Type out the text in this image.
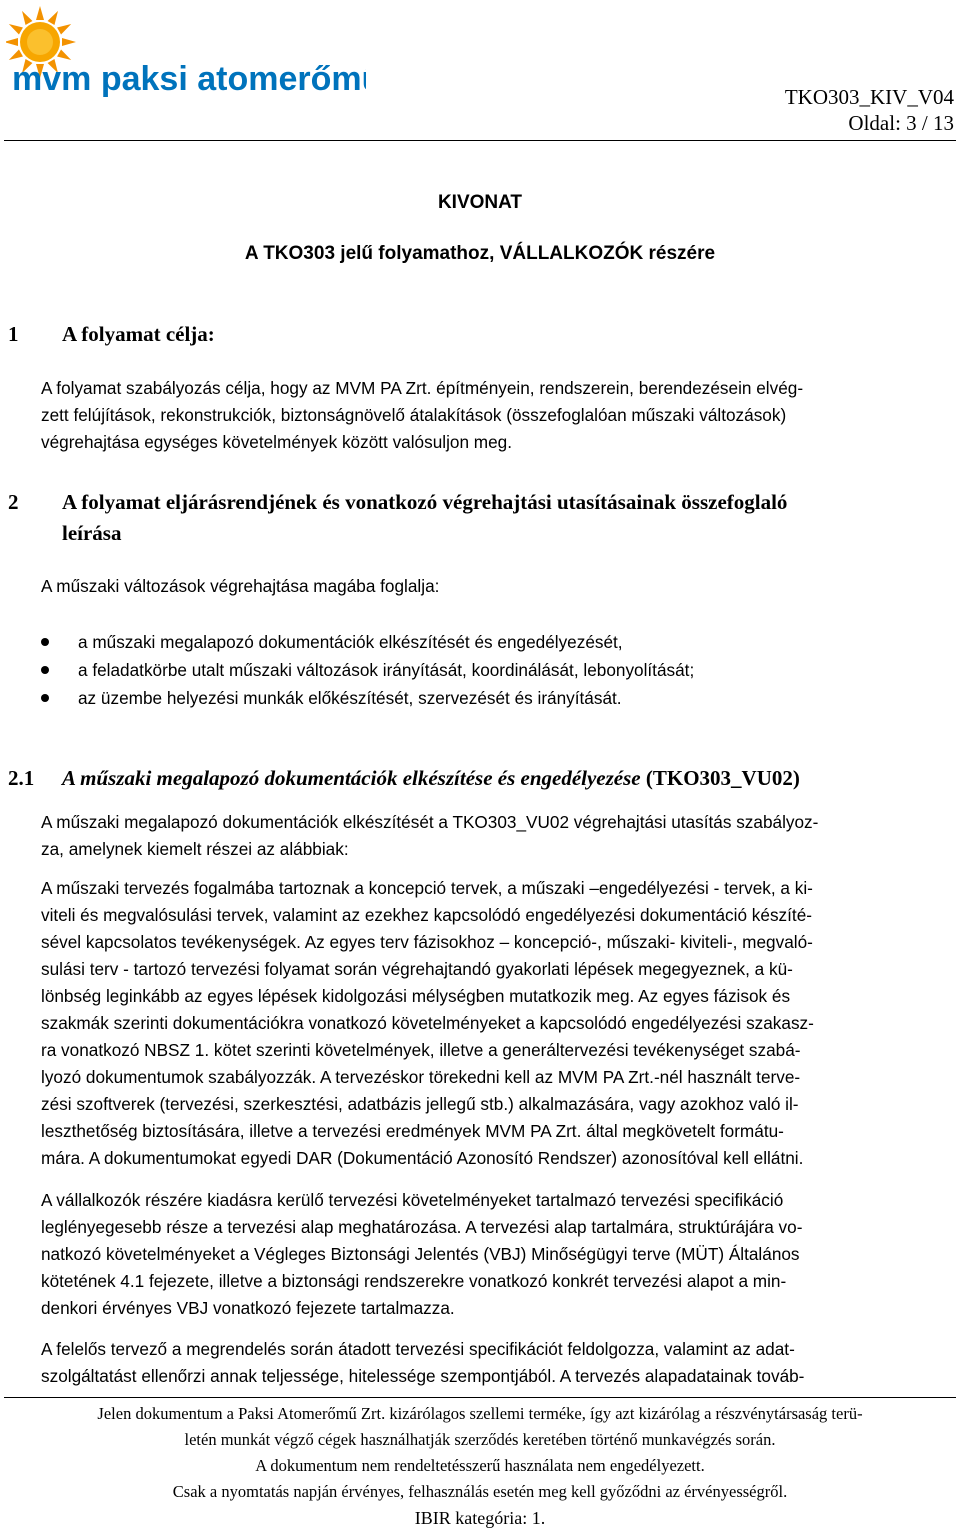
mvm paksi atomerőmű	TKO303_KIV_V04
Oldal: 3 / 13
KIVONAT
A TKO303 jelű folyamathoz, VÁLLALKOZÓK részére
1 A folyamat célja:
A folyamat szabályozás célja, hogy az MVM PA Zrt. építményein, rendszerein, berendezésein elvég-
zett felújítások, rekonstrukciók, biztonságnövelő átalakítások (összefoglalóan műszaki változások)
végrehajtása egységes követelmények között valósuljon meg.
2 A folyamat eljárásrendjének és vonatkozó végrehajtási utasításainak összefoglaló
leírása
A műszaki változások végrehajtása magába foglalja:
a műszaki megalapozó dokumentációk elkészítését és engedélyezését,
a feladatkörbe utalt műszaki változások irányítását, koordinálását, lebonyolítását;
az üzembe helyezési munkák előkészítését, szervezését és irányítását.
2.1 A műszaki megalapozó dokumentációk elkészítése és engedélyezése (TKO303_VU02)
A műszaki megalapozó dokumentációk elkészítését a TKO303_VU02 végrehajtási utasítás szabályoz-
za, amelynek kiemelt részei az alábbiak:
A műszaki tervezés fogalmába tartoznak a koncepció tervek, a műszaki –engedélyezési - tervek, a ki-
viteli és megvalósulási tervek, valamint az ezekhez kapcsolódó engedélyezési dokumentáció készíté-
sével kapcsolatos tevékenységek. Az egyes terv fázisokhoz – koncepció-, műszaki- kiviteli-, megvaló-
sulási terv - tartozó tervezési folyamat során végrehajtandó gyakorlati lépések megegyeznek, a kü-
lönbség leginkább az egyes lépések kidolgozási mélységben mutatkozik meg. Az egyes fázisok és
szakmák szerinti dokumentációkra vonatkozó követelményeket a kapcsolódó engedélyezési szakasz-
ra vonatkozó NBSZ 1. kötet szerinti követelmények, illetve a generáltervezési tevékenységet szabá-
lyozó dokumentumok szabályozzák. A tervezéskor törekedni kell az MVM PA Zrt.-nél használt terve-
zési szoftverek (tervezési, szerkesztési, adatbázis jellegű stb.) alkalmazására, vagy azokhoz való il-
leszthetőség biztosítására, illetve a tervezési eredmények MVM PA Zrt. által megkövetelt formátu-
mára. A dokumentumokat egyedi DAR (Dokumentáció Azonosító Rendszer) azonosítóval kell ellátni.
A vállalkozók részére kiadásra kerülő tervezési követelményeket tartalmazó tervezési specifikáció
leglényegesebb része a tervezési alap meghatározása. A tervezési alap tartalmára, struktúrájára vo-
natkozó követelményeket a Végleges Biztonsági Jelentés (VBJ) Minőségügyi terve (MÜT) Általános
kötetének 4.1 fejezete, illetve a biztonsági rendszerekre vonatkozó konkrét tervezési alapot a min-
denkori érvényes VBJ vonatkozó fejezete tartalmazza.
A felelős tervező a megrendelés során átadott tervezési specifikációt feldolgozza, valamint az adat-
szolgáltatást ellenőrzi annak teljessége, hitelessége szempontjából. A tervezés alapadatainak továb-
Jelen dokumentum a Paksi Atomerőmű Zrt. kizárólagos szellemi terméke, így azt kizárólag a részvénytársaság terü-
letén munkát végző cégek használhatják szerződés keretében történő munkavégzés során.
A dokumentum nem rendeltetésszerű használata nem engedélyezett.
Csak a nyomtatás napján érvényes, felhasználás esetén meg kell győződni az érvényességről.
IBIR kategória: 1.
